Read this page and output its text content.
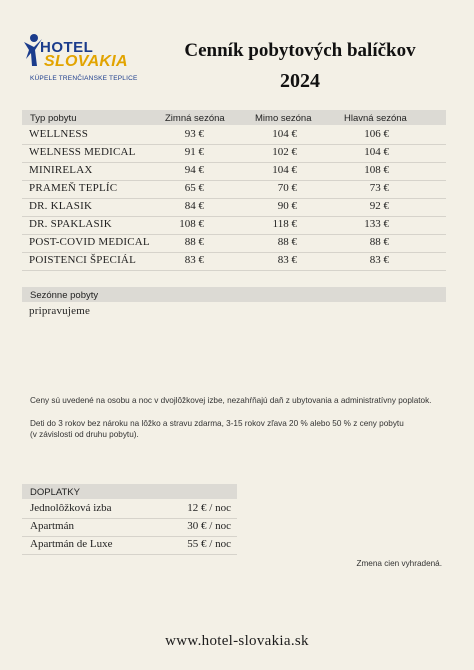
HOTEL
SLOVAKIA
KÚPELE TRENČIANSKE TEPLICE
Cenník pobytových balíčkov
2024
Typ pobytu	Zimná sezóna	Mimo sezóna	Hlavná sezóna
WELLNESS	93 €	104 €	106 €
WELNESS MEDICAL	91 €	102 €	104 €
MINIRELAX	94 €	104 €	108 €
PRAMEŇ TEPLÍC	65 €	70 €	73 €
DR. KLASIK	84 €	90 €	92 €
DR. SPAKLASIK	108 €	118 €	133 €
POST-COVID MEDICAL	88 €	88 €	88 €
POISTENCI ŠPECIÁL	83 €	83 €	83 €
Sezónne pobyty
pripravujeme
Ceny sú uvedené na osobu a noc v dvojlôžkovej izbe, nezahŕňajú daň z ubytovania a administratívny poplatok.
Deti do 3 rokov bez nároku na lôžko a stravu zdarma, 3-15 rokov zľava 20 % alebo 50 % z ceny pobytu
(v závislosti od druhu pobytu).
DOPLATKY
Jednolôžková izba	12 € / noc
Apartmán	30 € / noc
Apartmán de Luxe	55 € / noc
Zmena cien vyhradená.
www.hotel-slovakia.sk
